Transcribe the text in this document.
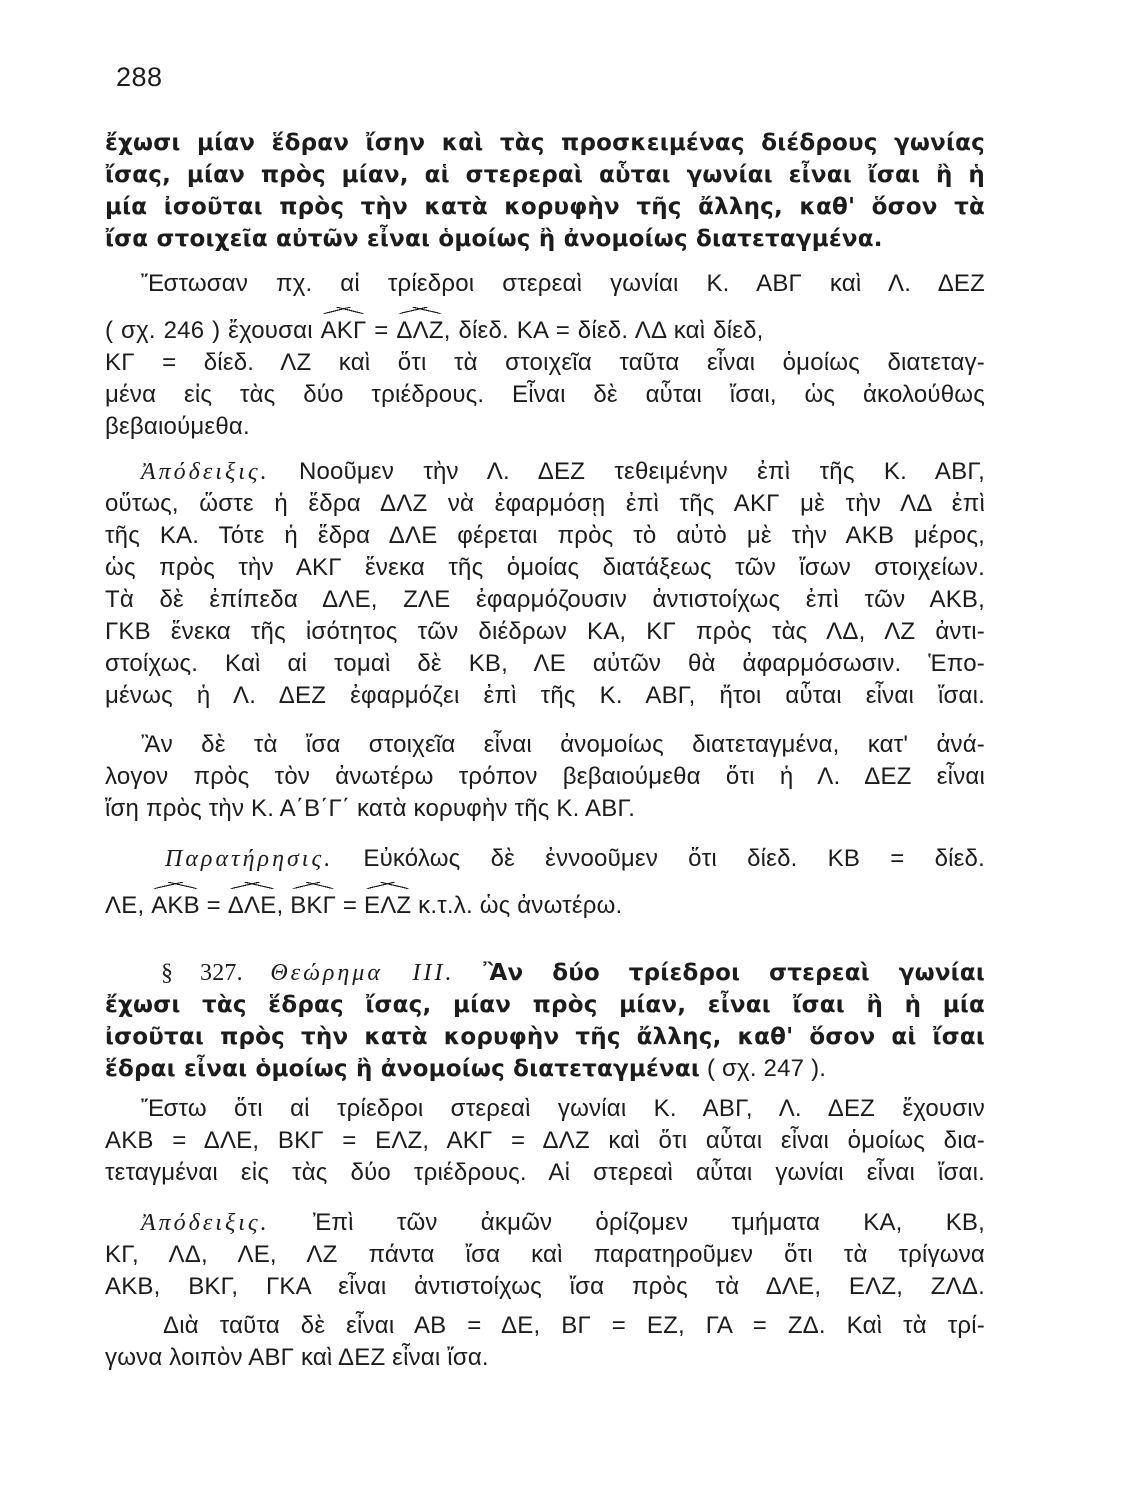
288
ἔχωσι μίαν ἕδραν ἴσην καὶ τὰς προσκειμένας διέδρους γωνίας
ἴσας, μίαν πρὸς μίαν, αἱ στερεραὶ αὗται γωνίαι εἶναι ἴσαι ἢ ἡ
μία ἰσοῦται πρὸς τὴν κατὰ κορυφὴν τῆς ἄλλης, καθ' ὅσον τὰ
ἴσα στοιχεῖα αὐτῶν εἶναι ὁμοίως ἢ ἀνομοίως διατεταγμένα.
Ἔστωσαν πχ. αἱ τρίεδροι στερεαὶ γωνίαι Κ. ΑΒΓ καὶ Λ. ΔΕΖ
( σχ. 246 ) ἔχουσαι ΑΚΓ = ΔΛΖ, δίεδ. ΚΑ = δίεδ. ΛΔ καὶ δίεδ,
ΚΓ = δίεδ. ΛΖ καὶ ὅτι τὰ στοιχεῖα ταῦτα εἶναι ὁμοίως διατεταγ-
μένα εἰς τὰς δύο τριέδρους. Εἶναι δὲ αὗται ἴσαι, ὡς ἀκολούθως
βεβαιούμεθα.
Ἀπόδειξις. Νοοῦμεν τὴν Λ. ΔΕΖ τεθειμένην ἐπὶ τῆς Κ. ΑΒΓ,
οὕτως, ὥστε ἡ ἕδρα ΔΛΖ νὰ ἐφαρμόσῃ ἐπὶ τῆς ΑΚΓ μὲ τὴν ΛΔ ἐπὶ
τῆς ΚΑ. Τότε ἡ ἕδρα ΔΛΕ φέρεται πρὸς τὸ αὐτὸ μὲ τὴν ΑΚΒ μέρος,
ὡς πρὸς τὴν ΑΚΓ ἕνεκα τῆς ὁμοίας διατάξεως τῶν ἴσων στοιχείων.
Τὰ δὲ ἐπίπεδα ΔΛΕ, ΖΛΕ ἐφαρμόζουσιν ἀντιστοίχως ἐπὶ τῶν ΑΚΒ,
ΓΚΒ ἕνεκα τῆς ἰσότητος τῶν διέδρων ΚΑ, ΚΓ πρὸς τὰς ΛΔ, ΛΖ ἀντι-
στοίχως. Καὶ αἱ τομαὶ δὲ ΚΒ, ΛΕ αὐτῶν θὰ ἀφαρμόσωσιν. Ἑπο-
μένως ἡ Λ. ΔΕΖ ἐφαρμόζει ἐπὶ τῆς Κ. ΑΒΓ, ἤτοι αὗται εἶναι ἴσαι.
Ἂν δὲ τὰ ἴσα στοιχεῖα εἶναι ἀνομοίως διατεταγμένα, κατ' ἀνά-
λογον πρὸς τὸν ἀνωτέρω τρόπον βεβαιούμεθα ὅτι ἡ Λ. ΔΕΖ εἶναι
ἴση πρὸς τὴν Κ. Α΄Β΄Γ΄ κατὰ κορυφὴν τῆς Κ. ΑΒΓ.
Παρατήρησις. Εὐκόλως δὲ ἐννοοῦμεν ὅτι δίεδ. ΚΒ = δίεδ.
ΛΕ, ΑΚΒ = ΔΛΕ, ΒΚΓ = ΕΛΖ κ.τ.λ. ὡς ἀνωτέρω.
§ 327. Θεώρημα ΙΙΙ. Ἂν δύο τρίεδροι στερεαὶ γωνίαι
ἔχωσι τὰς ἕδρας ἴσας, μίαν πρὸς μίαν, εἶναι ἴσαι ἢ ἡ μία
ἰσοῦται πρὸς τὴν κατὰ κορυφὴν τῆς ἄλλης, καθ' ὅσον αἱ ἴσαι
ἕδραι εἶναι ὁμοίως ἢ ἀνομοίως διατεταγμέναι ( σχ. 247 ).
Ἔστω ὅτι αἱ τρίεδροι στερεαὶ γωνίαι Κ. ΑΒΓ, Λ. ΔΕΖ ἔχουσιν
ΑΚΒ = ΔΛΕ, ΒΚΓ = ΕΛΖ, ΑΚΓ = ΔΛΖ καὶ ὅτι αὗται εἶναι ὁμοίως δια-
τεταγμέναι εἰς τὰς δύο τριέδρους. Αἱ στερεαὶ αὗται γωνίαι εἶναι ἴσαι.
Ἀπόδειξις. Ἐπὶ τῶν ἀκμῶν ὁρίζομεν τμήματα ΚΑ, ΚΒ,
ΚΓ, ΛΔ, ΛΕ, ΛΖ πάντα ἴσα καὶ παρατηροῦμεν ὅτι τὰ τρίγωνα
ΑΚΒ, ΒΚΓ, ΓΚΑ εἶναι ἀντιστοίχως ἴσα πρὸς τὰ ΔΛΕ, ΕΛΖ, ΖΛΔ.
Διὰ ταῦτα δὲ εἶναι ΑΒ = ΔΕ, ΒΓ = ΕΖ, ΓΑ = ΖΔ. Καὶ τὰ τρί-
γωνα λοιπὸν ΑΒΓ καὶ ΔΕΖ εἶναι ἴσα.
